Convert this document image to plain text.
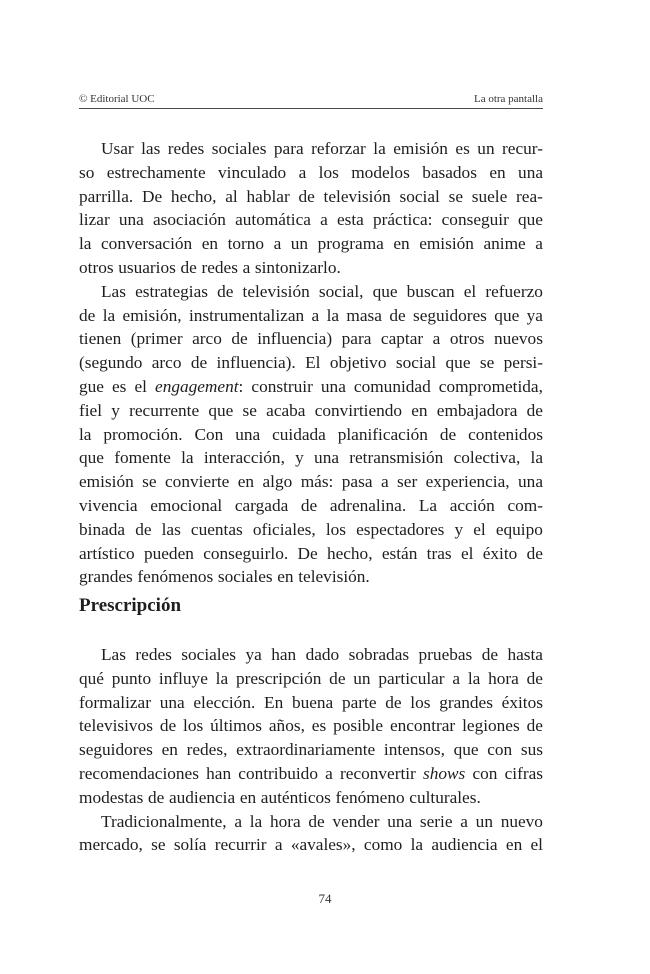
© Editorial UOC	La otra pantalla
Usar las redes sociales para reforzar la emisión es un recur-
so estrechamente vinculado a los modelos basados en una
parrilla. De hecho, al hablar de televisión social se suele rea-
lizar una asociación automática a esta práctica: conseguir que
la conversación en torno a un programa en emisión anime a
otros usuarios de redes a sintonizarlo.
Las estrategias de televisión social, que buscan el refuerzo
de la emisión, instrumentalizan a la masa de seguidores que ya
tienen (primer arco de influencia) para captar a otros nuevos
(segundo arco de influencia). El objetivo social que se persi-
gue es el engagement: construir una comunidad comprometida,
fiel y recurrente que se acaba convirtiendo en embajadora de
la promoción. Con una cuidada planificación de contenidos
que fomente la interacción, y una retransmisión colectiva, la
emisión se convierte en algo más: pasa a ser experiencia, una
vivencia emocional cargada de adrenalina. La acción com-
binada de las cuentas oficiales, los espectadores y el equipo
artístico pueden conseguirlo. De hecho, están tras el éxito de
grandes fenómenos sociales en televisión.
Prescripción
Las redes sociales ya han dado sobradas pruebas de hasta
qué punto influye la prescripción de un particular a la hora de
formalizar una elección. En buena parte de los grandes éxitos
televisivos de los últimos años, es posible encontrar legiones de
seguidores en redes, extraordinariamente intensos, que con sus
recomendaciones han contribuido a reconvertir shows con cifras
modestas de audiencia en auténticos fenómeno culturales.
Tradicionalmente, a la hora de vender una serie a un nuevo
mercado, se solía recurrir a «avales», como la audiencia en el
74
